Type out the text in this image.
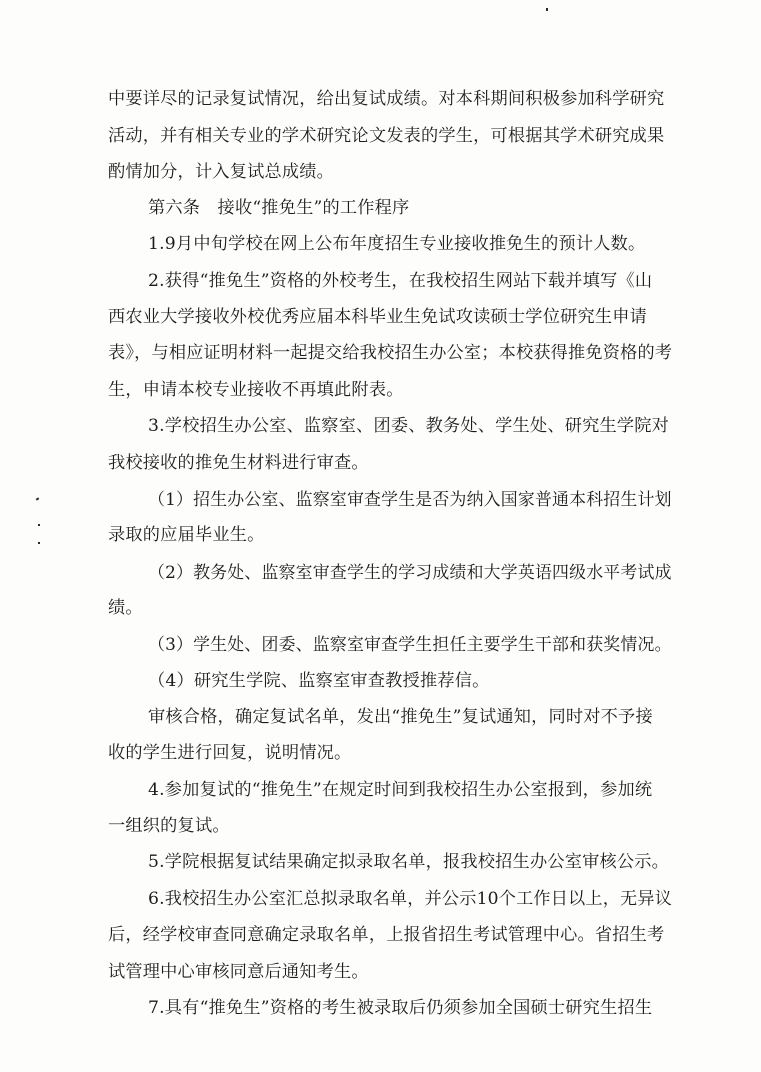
中要详尽的记录复试情况，给出复试成绩。对本科期间积极参加科学研究
活动，并有相关专业的学术研究论文发表的学生，可根据其学术研究成果
酌情加分，计入复试总成绩。
第六条　接收“推免生”的工作程序
1.9月中旬学校在网上公布年度招生专业接收推免生的预计人数。
2.获得“推免生”资格的外校考生，在我校招生网站下载并填写《山
西农业大学接收外校优秀应届本科毕业生免试攻读硕士学位研究生申请
表》，与相应证明材料一起提交给我校招生办公室；本校获得推免资格的考
生，申请本校专业接收不再填此附表。
3.学校招生办公室、监察室、团委、教务处、学生处、研究生学院对
我校接收的推免生材料进行审查。
（1）招生办公室、监察室审查学生是否为纳入国家普通本科招生计划
录取的应届毕业生。
（2）教务处、监察室审查学生的学习成绩和大学英语四级水平考试成
绩。
（3）学生处、团委、监察室审查学生担任主要学生干部和获奖情况。
（4）研究生学院、监察室审查教授推荐信。
审核合格，确定复试名单，发出“推免生”复试通知，同时对不予接
收的学生进行回复，说明情况。
4.参加复试的“推免生”在规定时间到我校招生办公室报到，参加统
一组织的复试。
5.学院根据复试结果确定拟录取名单，报我校招生办公室审核公示。
6.我校招生办公室汇总拟录取名单，并公示10个工作日以上，无异议
后，经学校审查同意确定录取名单，上报省招生考试管理中心。省招生考
试管理中心审核同意后通知考生。
7.具有“推免生”资格的考生被录取后仍须参加全国硕士研究生招生
